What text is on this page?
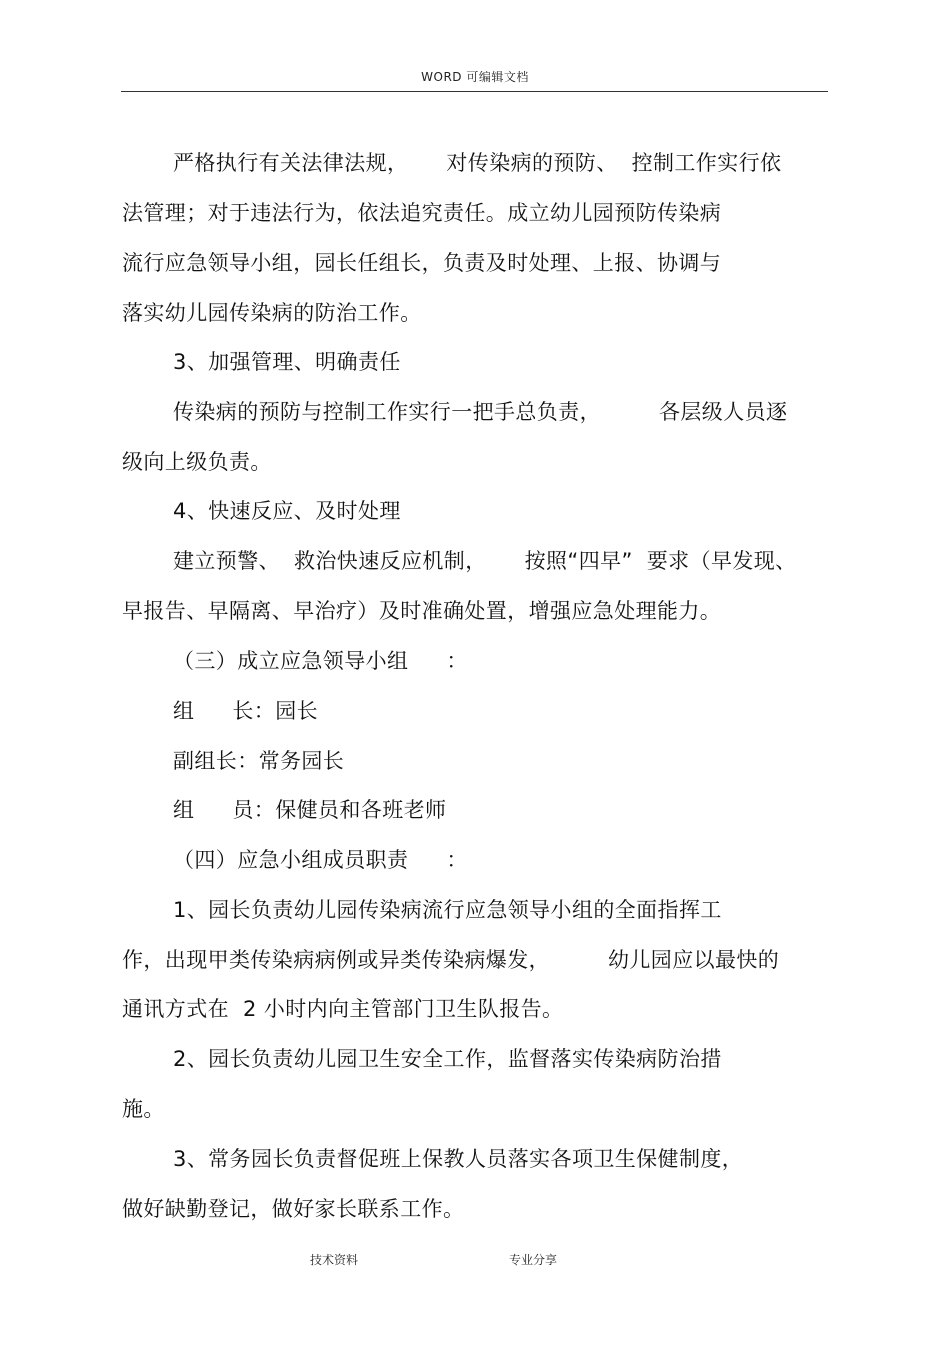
WORD 可编辑文档
严格执行有关法律法规， 对传染病的预防、 控制工作实行依
法管理；对于违法行为，依法追究责任。成立幼儿园预防传染病
流行应急领导小组，园长任组长，负责及时处理、上报、协调与
落实幼儿园传染病的防治工作。
3、加强管理、明确责任
传染病的预防与控制工作实行一把手总负责，	各层级人员逐
级向上级负责。
4、快速反应、及时处理
建立预警、 救治快速反应机制， 按照“四早” 要求（早发现、
早报告、早隔离、早治疗）及时准确处置，增强应急处理能力。
（三）成立应急领导小组 ：
组 长：园长
副组长：常务园长
组 员：保健员和各班老师
（四）应急小组成员职责 ：
1、园长负责幼儿园传染病流行应急领导小组的全面指挥工
作，出现甲类传染病病例或异类传染病爆发，	幼儿园应以最快的
通讯方式在 2 小时内向主管部门卫生队报告。
2、园长负责幼儿园卫生安全工作，监督落实传染病防治措
施。
3、常务园长负责督促班上保教人员落实各项卫生保健制度，
做好缺勤登记，做好家长联系工作。
技术资料	专业分享
